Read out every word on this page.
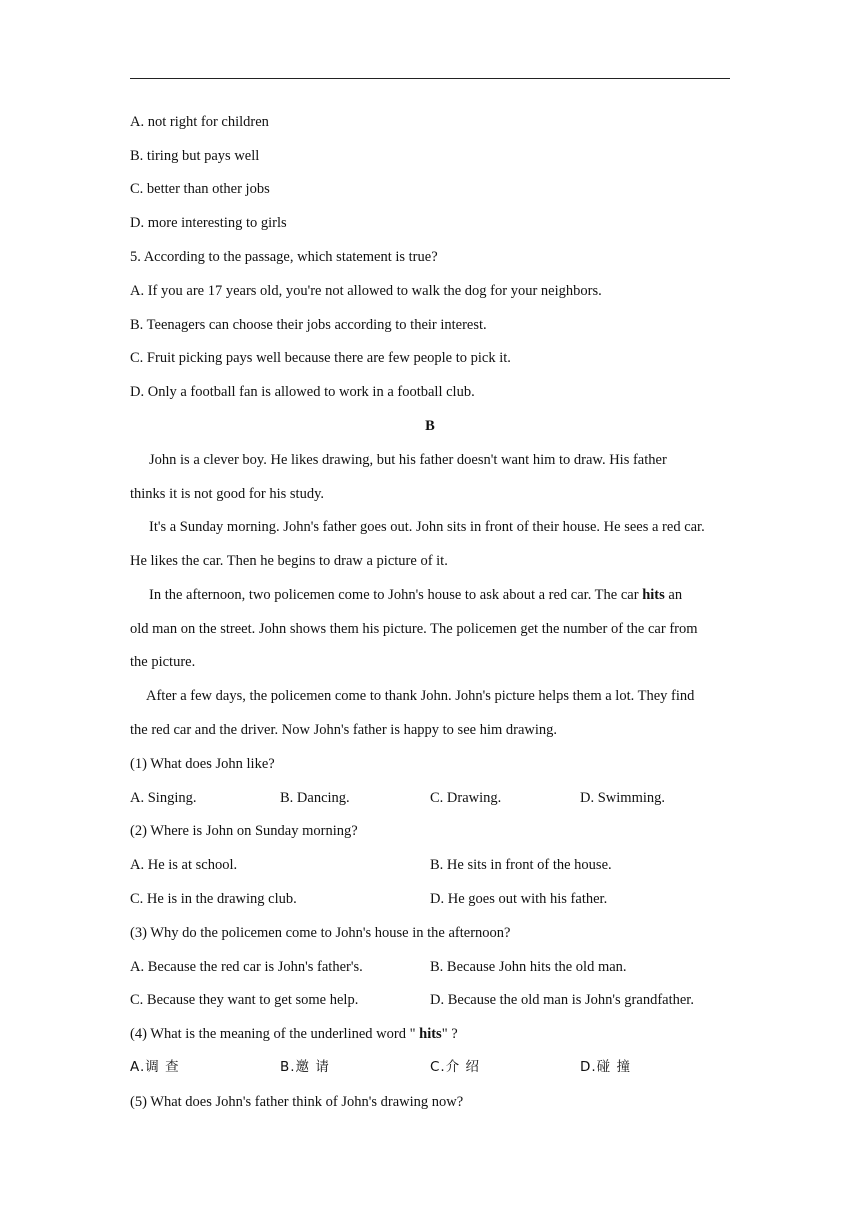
A. not right for children
B. tiring but pays well
C. better than other jobs
D. more interesting to girls
5. According to the passage, which statement is true?
A. If you are 17 years old, you're not allowed to walk the dog for your neighbors.
B. Teenagers can choose their jobs according to their interest.
C. Fruit picking pays well because there are few people to pick it.
D. Only a football fan is allowed to work in a football club.
B
John is a clever boy. He likes drawing, but his father doesn't want him to draw. His father
thinks it is not good for his study.
It's a Sunday morning. John's father goes out. John sits in front of their house. He sees a red car.
He likes the car. Then he begins to draw a picture of it.
In the afternoon, two policemen come to John's house to ask about a red car. The car hits an
old man on the street. John shows them his picture. The policemen get the number of the car from
the picture.
After a few days, the policemen come to thank John. John's picture helps them a lot. They find
the red car and the driver. Now John's father is happy to see him drawing.
(1) What does John like?
A. Singing.	B. Dancing.	C. Drawing.	D. Swimming.
(2) Where is John on Sunday morning?
A. He is at school.	B. He sits in front of the house.
C. He is in the drawing club.	D. He goes out with his father.
(3) Why do the policemen come to John's house in the afternoon?
A. Because the red car is John's father's.	B. Because John hits the old man.
C. Because they want to get some help.	D. Because the old man is John's grandfather.
(4) What is the meaning of the underlined word " hits" ?
A.调 查	B.邀 请	C.介 绍	D.碰 撞
(5) What does John's father think of John's drawing now?
